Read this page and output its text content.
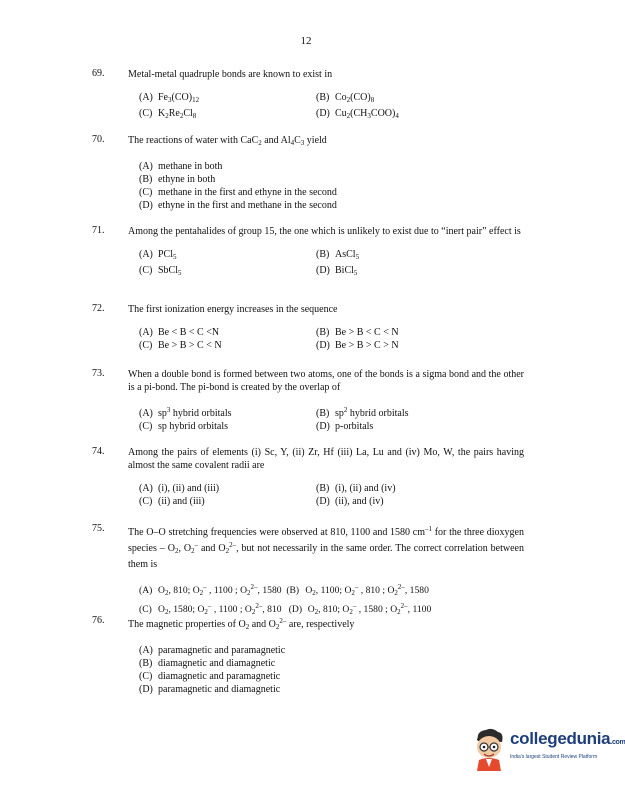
12
69. Metal-metal quadruple bonds are known to exist in
(A) $Fe_3(CO)_{12}$	(B) $Co_2(CO)_8$
(C) $K_2Re_2Cl_8$	(D) $Cu_2(CH_3COO)_4$
70. The reactions of water with CaC$_2$ and $Al_4C_3$ yield
(A) methane in both
(B) ethyne in both
(C) methane in the first and ethyne in the second
(D) ethyne in the first and methane in the second
71. Among the pentahalides of group 15, the one which is unlikely to exist due to “inert pair” effect is
(A) PCl$_5$	(B) AsCl$_5$
(C) SbCl$_5$	(D) BiCl$_5$
72. The first ionization energy increases in the sequence
(A) Be < B < C <N	(B) Be > B < C < N
(C) Be > B > C < N	(D) Be > B > C > N
73. When a double bond is formed between two atoms, one of the bonds is a sigma bond and the other is a pi-bond. The pi-bond is created by the overlap of
(A) $sp^3$ hybrid orbitals	(B) $sp^2$ hybrid orbitals
(C) sp hybrid orbitals	(D) p-orbitals
74. Among the pairs of elements (i) Sc, Y, (ii) Zr, Hf (iii) La, Lu and (iv) Mo, W, the pairs having almost the same covalent radii are
(A) (i), (ii) and (iii)	(B) (i), (ii) and (iv)
(C) (ii) and (iii)	(D) (ii), and (iv)
75. The O–O stretching frequencies were observed at 810, 1100 and 1580 $cm^{-1}$ for the three dioxygen species – $O_2$, $O_2^-$ and $O_2^{2-}$, but not necessarily in the same order. The correct correlation between them is
(A) $O_2$, 810; $O_2^-$ , 1100 ; $O_2^{2-}$, 1580 (B) $O_2$, 1100; $O_2^-$ , 810 ; $O_2^{2-}$, 1580
(C) $O_2$, 1580; $O_2^-$ , 1100 ; $O_2^{2-}$, 810 (D) $O_2$, 810; $O_2^-$ , 1580 ; $O_2^{2-}$, 1100
76. The magnetic properties of $O_2$ and $O_2^{2-}$ are, respectively
(A) paramagnetic and paramagnetic
(B) diamagnetic and diamagnetic
(C) diamagnetic and paramagnetic
(D) paramagnetic and diamagnetic
collegedunia.com
India's largest Student Review Platform
